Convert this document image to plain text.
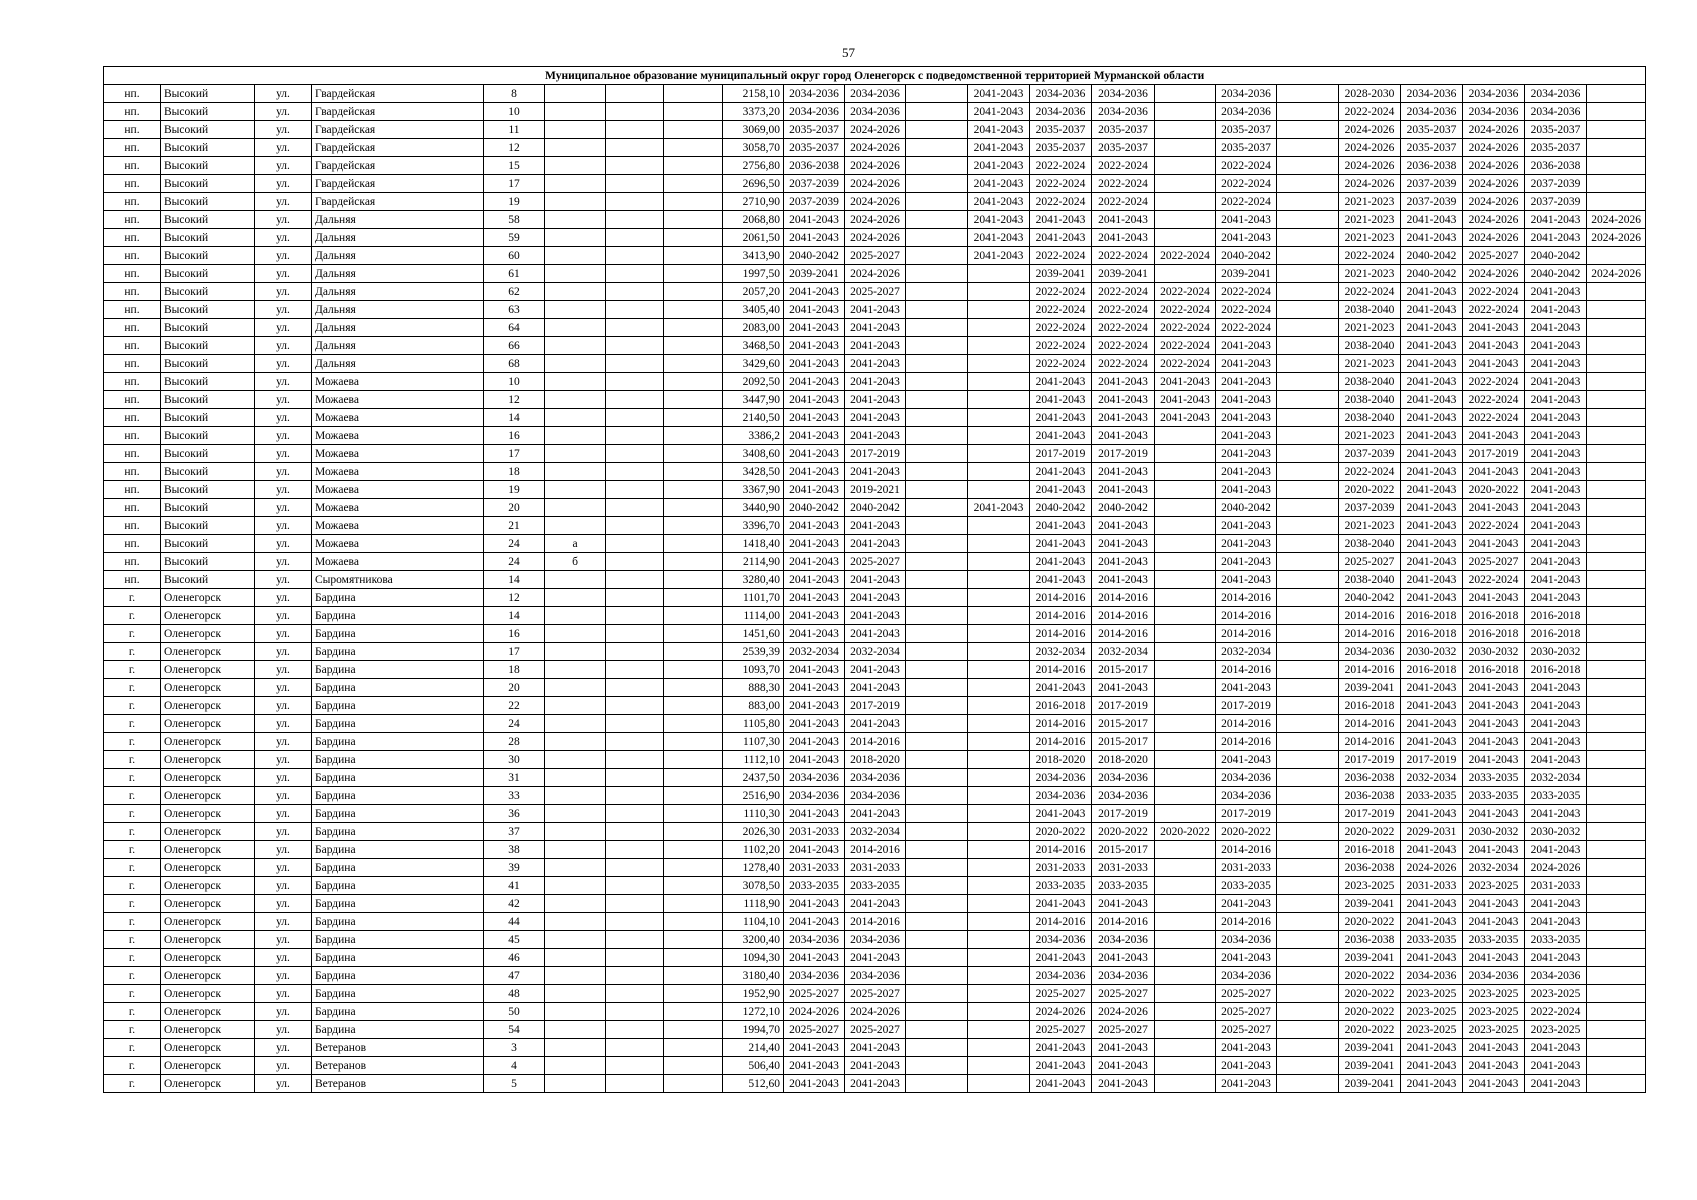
57
Муниципальное образование муниципальный округ город Оленегорск с подведомственной территорией Мурманской области																						
нп.	Высокий	ул.	Гвардейская	8				2158,10	2034-2036	2034-2036		2041-2043	2034-2036	2034-2036		2034-2036		2028-2030	2034-2036	2034-2036	2034-2036	
нп.	Высокий	ул.	Гвардейская	10				3373,20	2034-2036	2034-2036		2041-2043	2034-2036	2034-2036		2034-2036		2022-2024	2034-2036	2034-2036	2034-2036	
нп.	Высокий	ул.	Гвардейская	11				3069,00	2035-2037	2024-2026		2041-2043	2035-2037	2035-2037		2035-2037		2024-2026	2035-2037	2024-2026	2035-2037	
нп.	Высокий	ул.	Гвардейская	12				3058,70	2035-2037	2024-2026		2041-2043	2035-2037	2035-2037		2035-2037		2024-2026	2035-2037	2024-2026	2035-2037	
нп.	Высокий	ул.	Гвардейская	15				2756,80	2036-2038	2024-2026		2041-2043	2022-2024	2022-2024		2022-2024		2024-2026	2036-2038	2024-2026	2036-2038	
нп.	Высокий	ул.	Гвардейская	17				2696,50	2037-2039	2024-2026		2041-2043	2022-2024	2022-2024		2022-2024		2024-2026	2037-2039	2024-2026	2037-2039	
нп.	Высокий	ул.	Гвардейская	19				2710,90	2037-2039	2024-2026		2041-2043	2022-2024	2022-2024		2022-2024		2021-2023	2037-2039	2024-2026	2037-2039	
нп.	Высокий	ул.	Дальняя	58				2068,80	2041-2043	2024-2026		2041-2043	2041-2043	2041-2043		2041-2043		2021-2023	2041-2043	2024-2026	2041-2043	2024-2026
нп.	Высокий	ул.	Дальняя	59				2061,50	2041-2043	2024-2026		2041-2043	2041-2043	2041-2043		2041-2043		2021-2023	2041-2043	2024-2026	2041-2043	2024-2026
нп.	Высокий	ул.	Дальняя	60				3413,90	2040-2042	2025-2027		2041-2043	2022-2024	2022-2024	2022-2024	2040-2042		2022-2024	2040-2042	2025-2027	2040-2042	
нп.	Высокий	ул.	Дальняя	61				1997,50	2039-2041	2024-2026			2039-2041	2039-2041		2039-2041		2021-2023	2040-2042	2024-2026	2040-2042	2024-2026
нп.	Высокий	ул.	Дальняя	62				2057,20	2041-2043	2025-2027			2022-2024	2022-2024	2022-2024	2022-2024		2022-2024	2041-2043	2022-2024	2041-2043	
нп.	Высокий	ул.	Дальняя	63				3405,40	2041-2043	2041-2043			2022-2024	2022-2024	2022-2024	2022-2024		2038-2040	2041-2043	2022-2024	2041-2043	
нп.	Высокий	ул.	Дальняя	64				2083,00	2041-2043	2041-2043			2022-2024	2022-2024	2022-2024	2022-2024		2021-2023	2041-2043	2041-2043	2041-2043	
нп.	Высокий	ул.	Дальняя	66				3468,50	2041-2043	2041-2043			2022-2024	2022-2024	2022-2024	2041-2043		2038-2040	2041-2043	2041-2043	2041-2043	
нп.	Высокий	ул.	Дальняя	68				3429,60	2041-2043	2041-2043			2022-2024	2022-2024	2022-2024	2041-2043		2021-2023	2041-2043	2041-2043	2041-2043	
нп.	Высокий	ул.	Можаева	10				2092,50	2041-2043	2041-2043			2041-2043	2041-2043	2041-2043	2041-2043		2038-2040	2041-2043	2022-2024	2041-2043	
нп.	Высокий	ул.	Можаева	12				3447,90	2041-2043	2041-2043			2041-2043	2041-2043	2041-2043	2041-2043		2038-2040	2041-2043	2022-2024	2041-2043	
нп.	Высокий	ул.	Можаева	14				2140,50	2041-2043	2041-2043			2041-2043	2041-2043	2041-2043	2041-2043		2038-2040	2041-2043	2022-2024	2041-2043	
нп.	Высокий	ул.	Можаева	16				3386,2	2041-2043	2041-2043			2041-2043	2041-2043		2041-2043		2021-2023	2041-2043	2041-2043	2041-2043	
нп.	Высокий	ул.	Можаева	17				3408,60	2041-2043	2017-2019			2017-2019	2017-2019		2041-2043		2037-2039	2041-2043	2017-2019	2041-2043	
нп.	Высокий	ул.	Можаева	18				3428,50	2041-2043	2041-2043			2041-2043	2041-2043		2041-2043		2022-2024	2041-2043	2041-2043	2041-2043	
нп.	Высокий	ул.	Можаева	19				3367,90	2041-2043	2019-2021			2041-2043	2041-2043		2041-2043		2020-2022	2041-2043	2020-2022	2041-2043	
нп.	Высокий	ул.	Можаева	20				3440,90	2040-2042	2040-2042		2041-2043	2040-2042	2040-2042		2040-2042		2037-2039	2041-2043	2041-2043	2041-2043	
нп.	Высокий	ул.	Можаева	21				3396,70	2041-2043	2041-2043			2041-2043	2041-2043		2041-2043		2021-2023	2041-2043	2022-2024	2041-2043	
нп.	Высокий	ул.	Можаева	24	а			1418,40	2041-2043	2041-2043			2041-2043	2041-2043		2041-2043		2038-2040	2041-2043	2041-2043	2041-2043	
нп.	Высокий	ул.	Можаева	24	б			2114,90	2041-2043	2025-2027			2041-2043	2041-2043		2041-2043		2025-2027	2041-2043	2025-2027	2041-2043	
нп.	Высокий	ул.	Сыромятникова	14				3280,40	2041-2043	2041-2043			2041-2043	2041-2043		2041-2043		2038-2040	2041-2043	2022-2024	2041-2043	
г.	Оленегорск	ул.	Бардина	12				1101,70	2041-2043	2041-2043			2014-2016	2014-2016		2014-2016		2040-2042	2041-2043	2041-2043	2041-2043	
г.	Оленегорск	ул.	Бардина	14				1114,00	2041-2043	2041-2043			2014-2016	2014-2016		2014-2016		2014-2016	2016-2018	2016-2018	2016-2018	
г.	Оленегорск	ул.	Бардина	16				1451,60	2041-2043	2041-2043			2014-2016	2014-2016		2014-2016		2014-2016	2016-2018	2016-2018	2016-2018	
г.	Оленегорск	ул.	Бардина	17				2539,39	2032-2034	2032-2034			2032-2034	2032-2034		2032-2034		2034-2036	2030-2032	2030-2032	2030-2032	
г.	Оленегорск	ул.	Бардина	18				1093,70	2041-2043	2041-2043			2014-2016	2015-2017		2014-2016		2014-2016	2016-2018	2016-2018	2016-2018	
г.	Оленегорск	ул.	Бардина	20				888,30	2041-2043	2041-2043			2041-2043	2041-2043		2041-2043		2039-2041	2041-2043	2041-2043	2041-2043	
г.	Оленегорск	ул.	Бардина	22				883,00	2041-2043	2017-2019			2016-2018	2017-2019		2017-2019		2016-2018	2041-2043	2041-2043	2041-2043	
г.	Оленегорск	ул.	Бардина	24				1105,80	2041-2043	2041-2043			2014-2016	2015-2017		2014-2016		2014-2016	2041-2043	2041-2043	2041-2043	
г.	Оленегорск	ул.	Бардина	28				1107,30	2041-2043	2014-2016			2014-2016	2015-2017		2014-2016		2014-2016	2041-2043	2041-2043	2041-2043	
г.	Оленегорск	ул.	Бардина	30				1112,10	2041-2043	2018-2020			2018-2020	2018-2020		2041-2043		2017-2019	2017-2019	2041-2043	2041-2043	
г.	Оленегорск	ул.	Бардина	31				2437,50	2034-2036	2034-2036			2034-2036	2034-2036		2034-2036		2036-2038	2032-2034	2033-2035	2032-2034	
г.	Оленегорск	ул.	Бардина	33				2516,90	2034-2036	2034-2036			2034-2036	2034-2036		2034-2036		2036-2038	2033-2035	2033-2035	2033-2035	
г.	Оленегорск	ул.	Бардина	36				1110,30	2041-2043	2041-2043			2041-2043	2017-2019		2017-2019		2017-2019	2041-2043	2041-2043	2041-2043	
г.	Оленегорск	ул.	Бардина	37				2026,30	2031-2033	2032-2034			2020-2022	2020-2022	2020-2022	2020-2022		2020-2022	2029-2031	2030-2032	2030-2032	
г.	Оленегорск	ул.	Бардина	38				1102,20	2041-2043	2014-2016			2014-2016	2015-2017		2014-2016		2016-2018	2041-2043	2041-2043	2041-2043	
г.	Оленегорск	ул.	Бардина	39				1278,40	2031-2033	2031-2033			2031-2033	2031-2033		2031-2033		2036-2038	2024-2026	2032-2034	2024-2026	
г.	Оленегорск	ул.	Бардина	41				3078,50	2033-2035	2033-2035			2033-2035	2033-2035		2033-2035		2023-2025	2031-2033	2023-2025	2031-2033	
г.	Оленегорск	ул.	Бардина	42				1118,90	2041-2043	2041-2043			2041-2043	2041-2043		2041-2043		2039-2041	2041-2043	2041-2043	2041-2043	
г.	Оленегорск	ул.	Бардина	44				1104,10	2041-2043	2014-2016			2014-2016	2014-2016		2014-2016		2020-2022	2041-2043	2041-2043	2041-2043	
г.	Оленегорск	ул.	Бардина	45				3200,40	2034-2036	2034-2036			2034-2036	2034-2036		2034-2036		2036-2038	2033-2035	2033-2035	2033-2035	
г.	Оленегорск	ул.	Бардина	46				1094,30	2041-2043	2041-2043			2041-2043	2041-2043		2041-2043		2039-2041	2041-2043	2041-2043	2041-2043	
г.	Оленегорск	ул.	Бардина	47				3180,40	2034-2036	2034-2036			2034-2036	2034-2036		2034-2036		2020-2022	2034-2036	2034-2036	2034-2036	
г.	Оленегорск	ул.	Бардина	48				1952,90	2025-2027	2025-2027			2025-2027	2025-2027		2025-2027		2020-2022	2023-2025	2023-2025	2023-2025	
г.	Оленегорск	ул.	Бардина	50				1272,10	2024-2026	2024-2026			2024-2026	2024-2026		2025-2027		2020-2022	2023-2025	2023-2025	2022-2024	
г.	Оленегорск	ул.	Бардина	54				1994,70	2025-2027	2025-2027			2025-2027	2025-2027		2025-2027		2020-2022	2023-2025	2023-2025	2023-2025	
г.	Оленегорск	ул.	Ветеранов	3				214,40	2041-2043	2041-2043			2041-2043	2041-2043		2041-2043		2039-2041	2041-2043	2041-2043	2041-2043	
г.	Оленегорск	ул.	Ветеранов	4				506,40	2041-2043	2041-2043			2041-2043	2041-2043		2041-2043		2039-2041	2041-2043	2041-2043	2041-2043	
г.	Оленегорск	ул.	Ветеранов	5				512,60	2041-2043	2041-2043			2041-2043	2041-2043		2041-2043		2039-2041	2041-2043	2041-2043	2041-2043	
